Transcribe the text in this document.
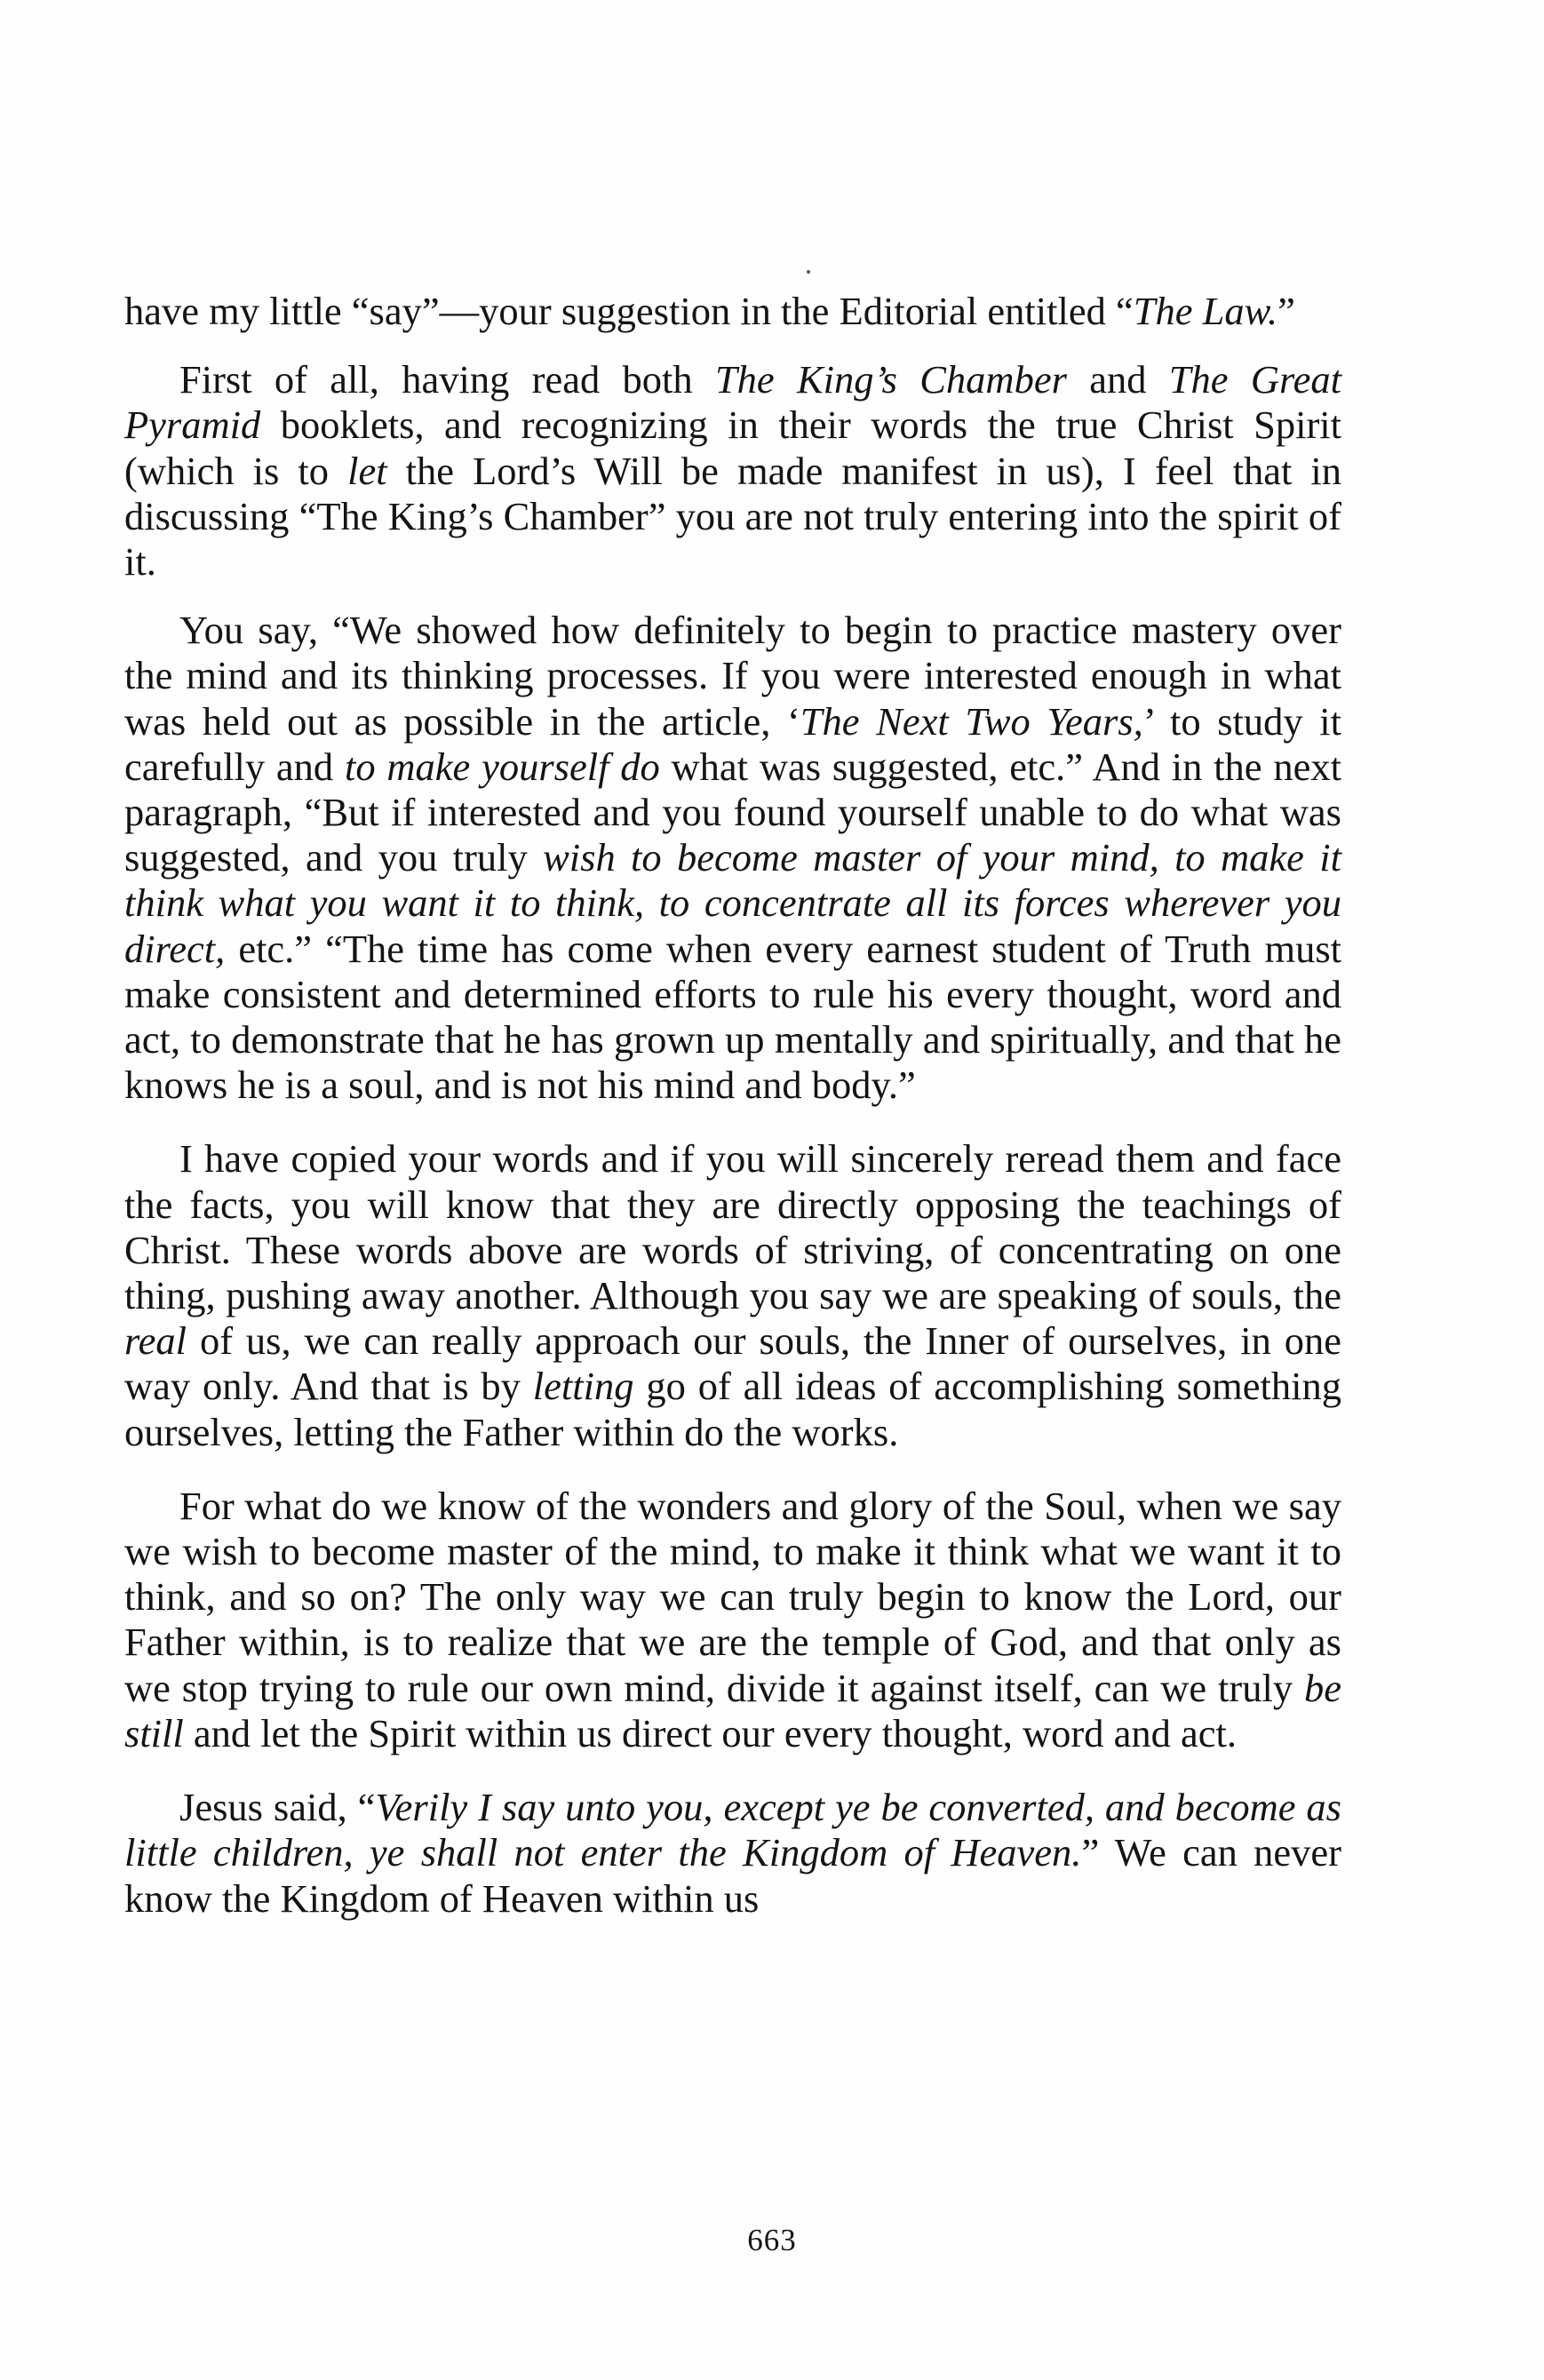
have my little “say”—your suggestion in the Editorial entitled “The Law.”

First of all, having read both The King’s Chamber and The Great Pyramid booklets, and recognizing in their words the true Christ Spirit (which is to let the Lord’s Will be made manifest in us), I feel that in discussing “The King’s Chamber” you are not truly entering into the spirit of it.

You say, “We showed how definitely to begin to practice mastery over the mind and its thinking processes. If you were interested enough in what was held out as possible in the article, ‘The Next Two Years,’ to study it carefully and to make yourself do what was suggested, etc.” And in the next paragraph, “But if interested and you found yourself unable to do what was suggested, and you truly wish to become master of your mind, to make it think what you want it to think, to concentrate all its forces wherever you direct, etc.” “The time has come when every earnest student of Truth must make consistent and determined efforts to rule his every thought, word and act, to demonstrate that he has grown up mentally and spiritually, and that he knows he is a soul, and is not his mind and body.”

I have copied your words and if you will sincerely reread them and face the facts, you will know that they are directly opposing the teachings of Christ. These words above are words of striving, of concentrating on one thing, pushing away another. Although you say we are speaking of souls, the real of us, we can really approach our souls, the Inner of ourselves, in one way only. And that is by letting go of all ideas of accomplishing something ourselves, letting the Father within do the works.

For what do we know of the wonders and glory of the Soul, when we say we wish to become master of the mind, to make it think what we want it to think, and so on? The only way we can truly begin to know the Lord, our Father within, is to realize that we are the temple of God, and that only as we stop trying to rule our own mind, divide it against itself, can we truly be still and let the Spirit within us direct our every thought, word and act.

Jesus said, “Verily I say unto you, except ye be converted, and become as little children, ye shall not enter the Kingdom of Heaven.” We can never know the Kingdom of Heaven within us

663
